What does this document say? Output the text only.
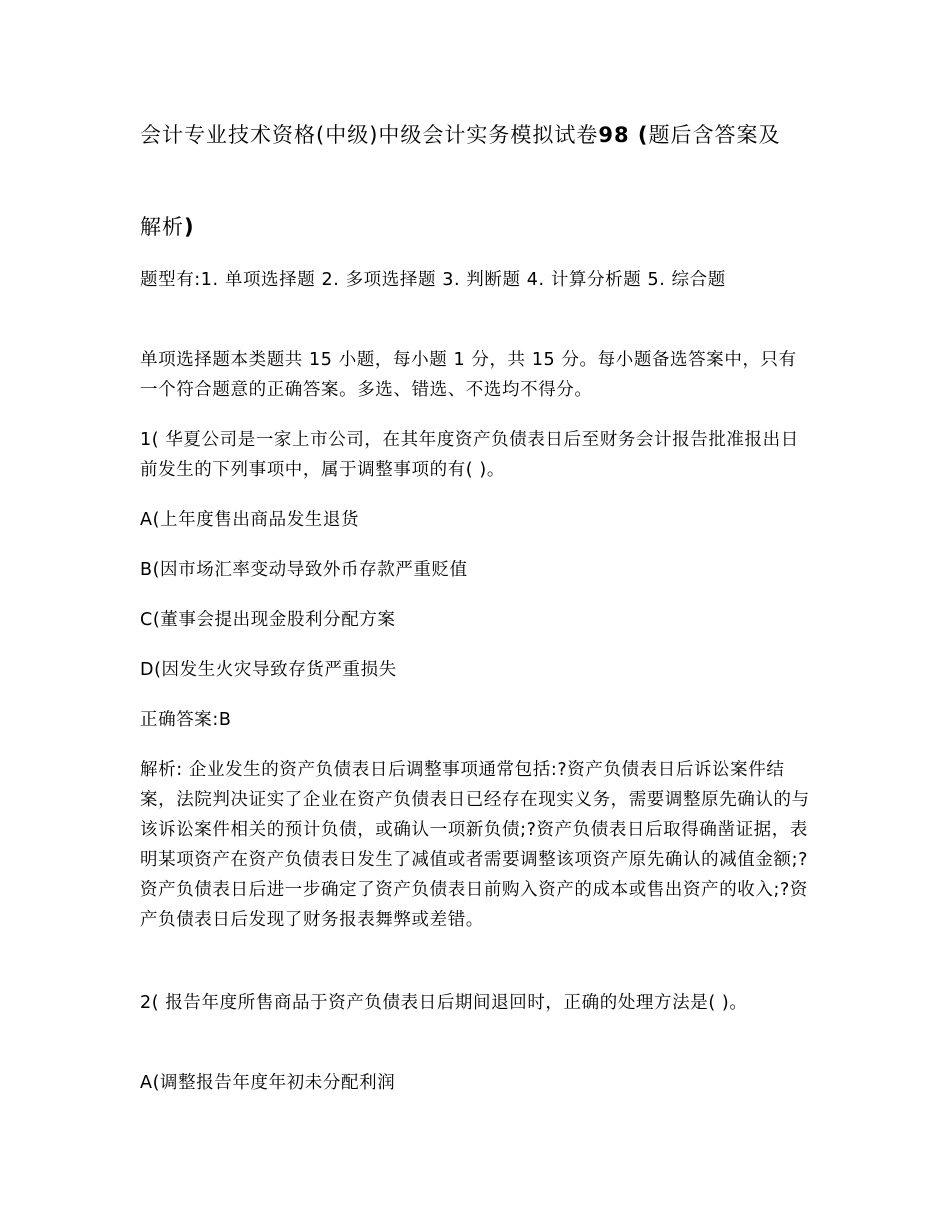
会计专业技术资格(中级)中级会计实务模拟试卷98 (题后含答案及
解析)
题型有:1. 单项选择题 2. 多项选择题 3. 判断题 4. 计算分析题 5. 综合题
单项选择题本类题共 15 小题，每小题 1 分，共 15 分。每小题备选答案中，只有一个符合题意的正确答案。多选、错选、不选均不得分。
1( 华夏公司是一家上市公司，在其年度资产负债表日后至财务会计报告批准报出日前发生的下列事项中，属于调整事项的有( )。
A(上年度售出商品发生退货
B(因市场汇率变动导致外币存款严重贬值
C(董事会提出现金股利分配方案
D(因发生火灾导致存货严重损失
正确答案:B
解析: 企业发生的资产负债表日后调整事项通常包括:?资产负债表日后诉讼案件结案，法院判决证实了企业在资产负债表日已经存在现实义务，需要调整原先确认的与该诉讼案件相关的预计负债，或确认一项新负债;?资产负债表日后取得确凿证据，表明某项资产在资产负债表日发生了减值或者需要调整该项资产原先确认的减值金额;?资产负债表日后进一步确定了资产负债表日前购入资产的成本或售出资产的收入;?资产负债表日后发现了财务报表舞弊或差错。
2( 报告年度所售商品于资产负债表日后期间退回时，正确的处理方法是( )。
A(调整报告年度年初未分配利润
